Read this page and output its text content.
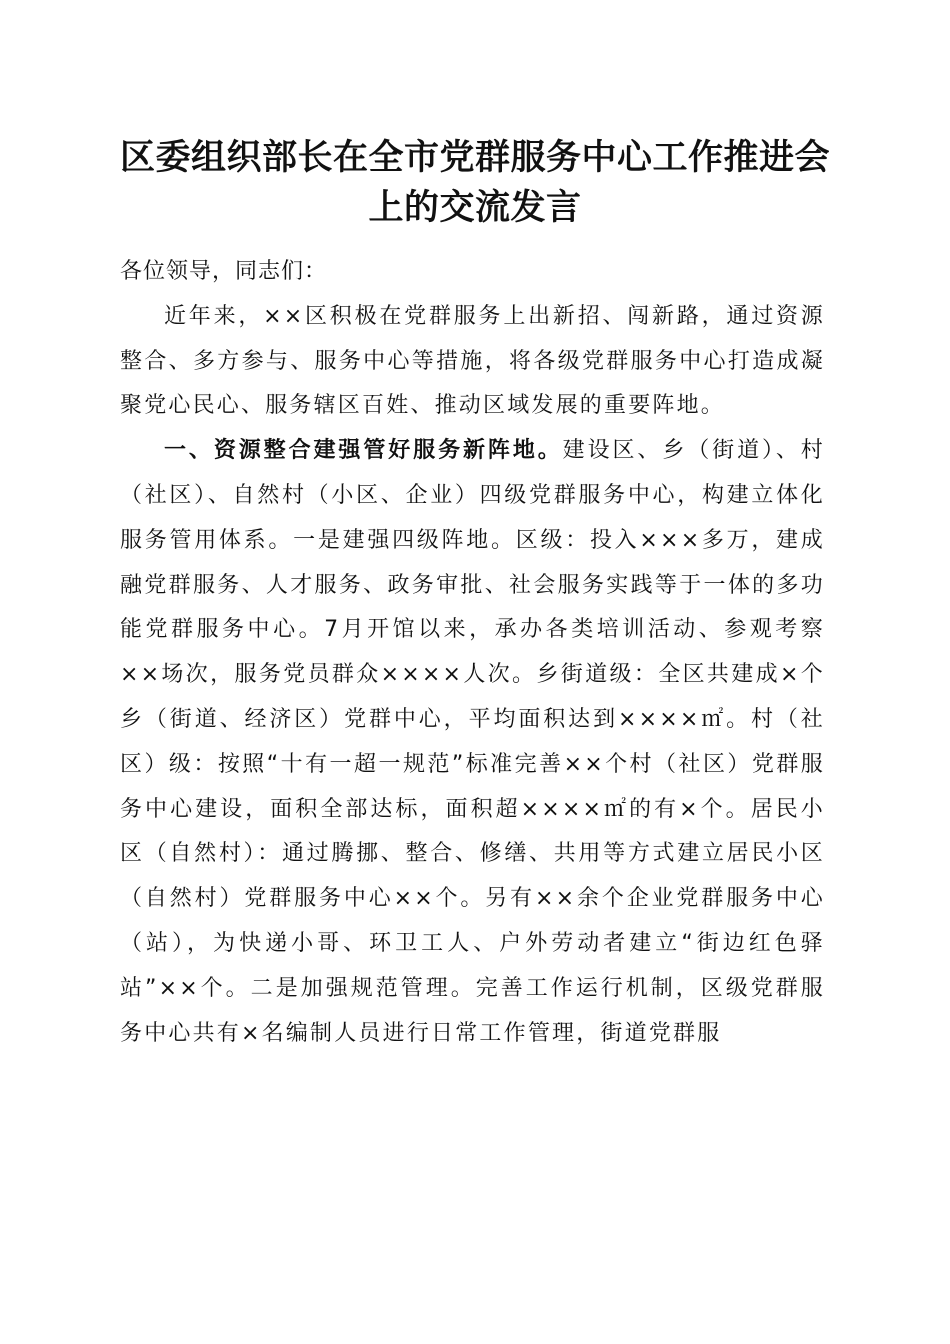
区委组织部长在全市党群服务中心工作推进会
上的交流发言

各位领导，同志们：

近年来，××区积极在党群服务上出新招、闯新路，通过资源整合、多方参与、服务中心等措施，将各级党群服务中心打造成凝聚党心民心、服务辖区百姓、推动区域发展的重要阵地。

一、资源整合建强管好服务新阵地。建设区、乡（街道）、村（社区）、自然村（小区、企业）四级党群服务中心，构建立体化服务管用体系。一是建强四级阵地。区级：投入×××多万，建成融党群服务、人才服务、政务审批、社会服务实践等于一体的多功能党群服务中心。7月开馆以来，承办各类培训活动、参观考察××场次，服务党员群众××××人次。乡街道级：全区共建成×个乡（街道、经济区）党群中心，平均面积达到××××㎡。村（社区）级：按照“十有一超一规范”标准完善××个村（社区）党群服务中心建设，面积全部达标，面积超××××㎡的有×个。居民小区（自然村）：通过腾挪、整合、修缮、共用等方式建立居民小区（自然村）党群服务中心××个。另有××余个企业党群服务中心（站），为快递小哥、环卫工人、户外劳动者建立“街边红色驿站”××个。二是加强规范管理。完善工作运行机制，区级党群服务中心共有×名编制人员进行日常工作管理，街道党群服
